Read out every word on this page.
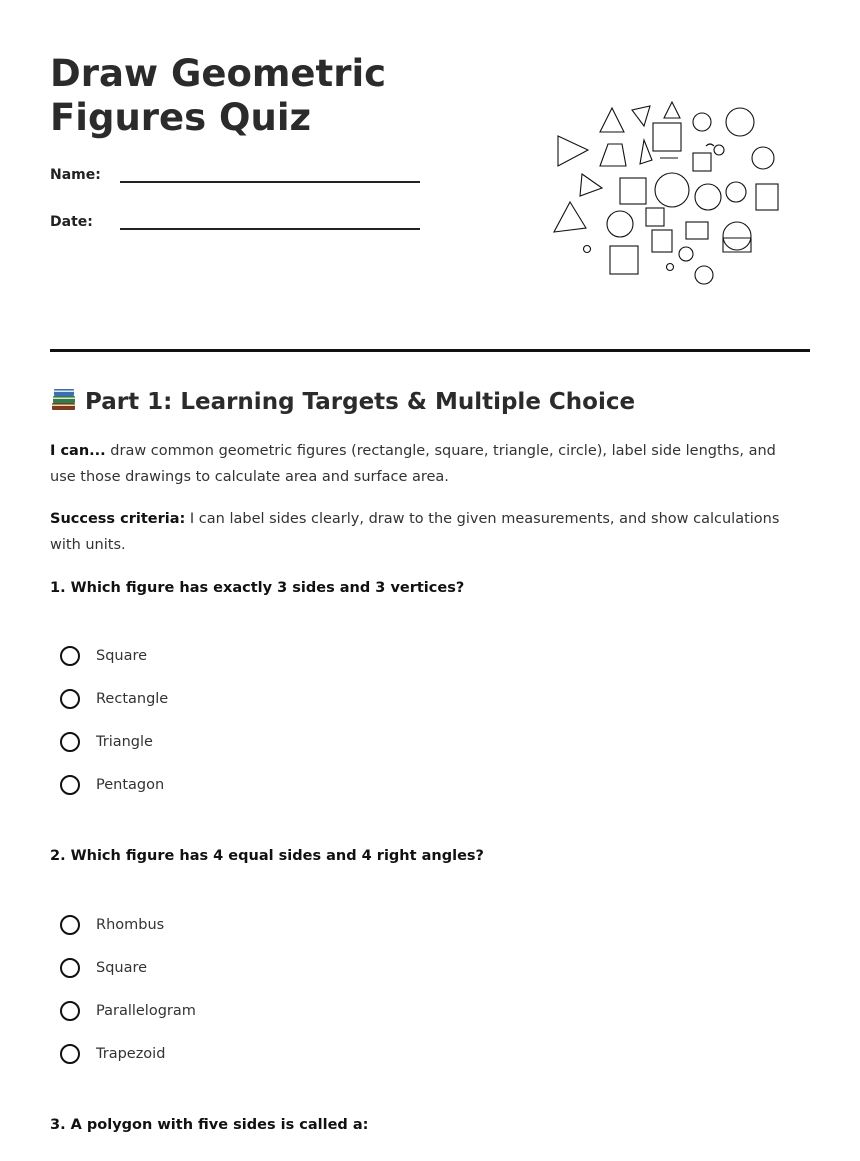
Draw Geometric Figures Quiz
Name:
Date:
Part 1: Learning Targets & Multiple Choice
I can... draw common geometric figures (rectangle, square, triangle, circle), label side lengths, and use those drawings to calculate area and surface area.
Success criteria: I can label sides clearly, draw to the given measurements, and show calculations with units.
1. Which figure has exactly 3 sides and 3 vertices?
Square
Rectangle
Triangle
Pentagon
2. Which figure has 4 equal sides and 4 right angles?
Rhombus
Square
Parallelogram
Trapezoid
3. A polygon with five sides is called a:
